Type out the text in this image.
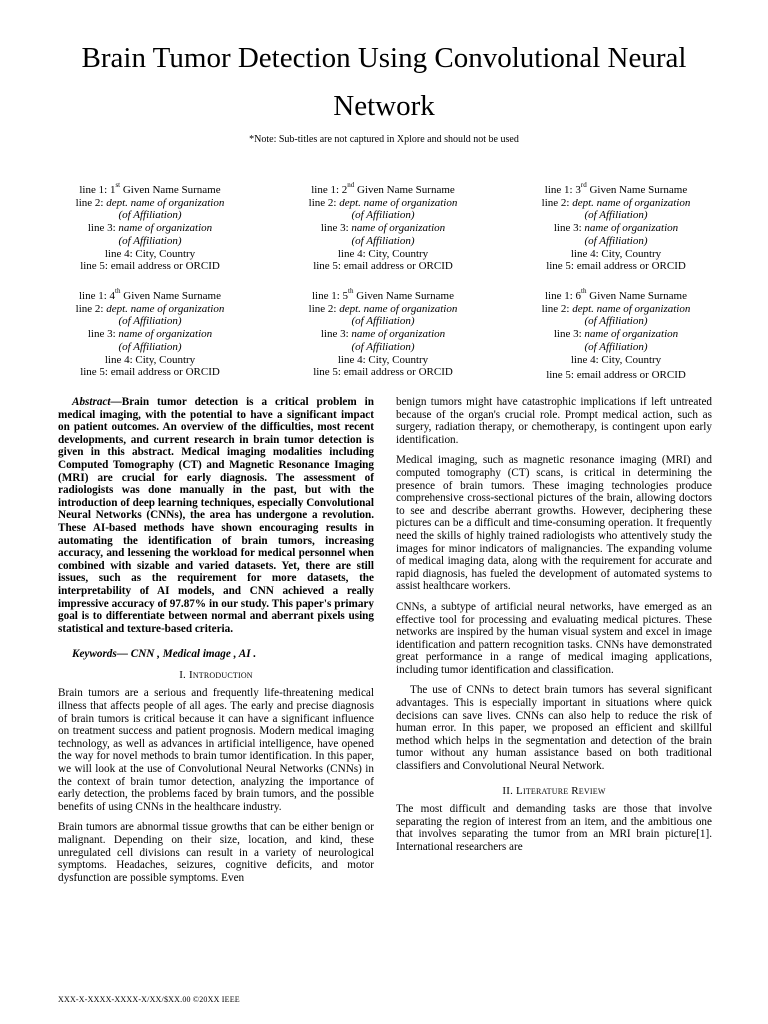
Brain Tumor Detection Using Convolutional Neural Network
*Note: Sub-titles are not captured in Xplore and should not be used
line 1: 1st Given Name Surname
line 2: dept. name of organization
(of Affiliation)
line 3: name of organization
(of Affiliation)
line 4: City, Country
line 5: email address or ORCID
line 1: 2nd Given Name Surname
line 2: dept. name of organization
(of Affiliation)
line 3: name of organization
(of Affiliation)
line 4: City, Country
line 5: email address or ORCID
line 1: 3rd Given Name Surname
line 2: dept. name of organization
(of Affiliation)
line 3: name of organization
(of Affiliation)
line 4: City, Country
line 5: email address or ORCID
line 1: 4th Given Name Surname
line 2: dept. name of organization
(of Affiliation)
line 3: name of organization
(of Affiliation)
line 4: City, Country
line 5: email address or ORCID
line 1: 5th Given Name Surname
line 2: dept. name of organization
(of Affiliation)
line 3: name of organization
(of Affiliation)
line 4: City, Country
line 5: email address or ORCID
line 1: 6th Given Name Surname
line 2: dept. name of organization
(of Affiliation)
line 3: name of organization
(of Affiliation)
line 4: City, Country
line 5: email address or ORCID

Abstract—Brain tumor detection is a critical problem in medical imaging, with the potential to have a significant impact on patient outcomes. An overview of the difficulties, most recent developments, and current research in brain tumor detection is given in this abstract. Medical imaging modalities including Computed Tomography (CT) and Magnetic Resonance Imaging (MRI) are crucial for early diagnosis. The assessment of radiologists was done manually in the past, but with the introduction of deep learning techniques, especially Convolutional Neural Networks (CNNs), the area has undergone a revolution. These AI-based methods have shown encouraging results in automating the identification of brain tumors, increasing accuracy, and lessening the workload for medical personnel when combined with sizable and varied datasets. Yet, there are still issues, such as the requirement for more datasets, the interpretability of AI models, and CNN achieved a really impressive accuracy of 97.87% in our study. This paper's primary goal is to differentiate between normal and aberrant pixels using statistical and texture-based criteria.

Keywords— CNN , Medical image , AI .

I. Introduction

Brain tumors are a serious and frequently life-threatening medical illness that affects people of all ages. The early and precise diagnosis of brain tumors is critical because it can have a significant influence on treatment success and patient prognosis. Modern medical imaging technology, as well as advances in artificial intelligence, have opened the way for novel methods to brain tumor identification. In this paper, we will look at the use of Convolutional Neural Networks (CNNs) in the context of brain tumor detection, analyzing the importance of early detection, the problems faced by brain tumors, and the possible benefits of using CNNs in the healthcare industry.

Brain tumors are abnormal tissue growths that can be either benign or malignant. Depending on their size, location, and kind, these unregulated cell divisions can result in a variety of neurological symptoms. Headaches, seizures, cognitive deficits, and motor dysfunction are possible symptoms. Even

benign tumors might have catastrophic implications if left untreated because of the organ's crucial role. Prompt medical action, such as surgery, radiation therapy, or chemotherapy, is contingent upon early identification.

Medical imaging, such as magnetic resonance imaging (MRI) and computed tomography (CT) scans, is critical in determining the presence of brain tumors. These imaging technologies produce comprehensive cross-sectional pictures of the brain, allowing doctors to see and describe aberrant growths. However, deciphering these pictures can be a difficult and time-consuming operation. It frequently need the skills of highly trained radiologists who attentively study the images for minor indicators of malignancies. The expanding volume of medical imaging data, along with the requirement for accurate and rapid diagnosis, has fueled the development of automated systems to assist healthcare workers.

CNNs, a subtype of artificial neural networks, have emerged as an effective tool for processing and evaluating medical pictures. These networks are inspired by the human visual system and excel in image identification and pattern recognition tasks. CNNs have demonstrated great performance in a range of medical imaging applications, including tumor identification and classification.

The use of CNNs to detect brain tumors has several significant advantages. This is especially important in situations where quick decisions can save lives. CNNs can also help to reduce the risk of human error. In this paper, we proposed an efficient and skillful method which helps in the segmentation and detection of the brain tumor without any human assistance based on both traditional classifiers and Convolutional Neural Network.

II. Literature Review

The most difficult and demanding tasks are those that involve separating the region of interest from an item, and the ambitious one that involves separating the tumor from an MRI brain picture[1]. International researchers are

XXX-X-XXXX-XXXX-X/XX/$XX.00 ©20XX IEEE
